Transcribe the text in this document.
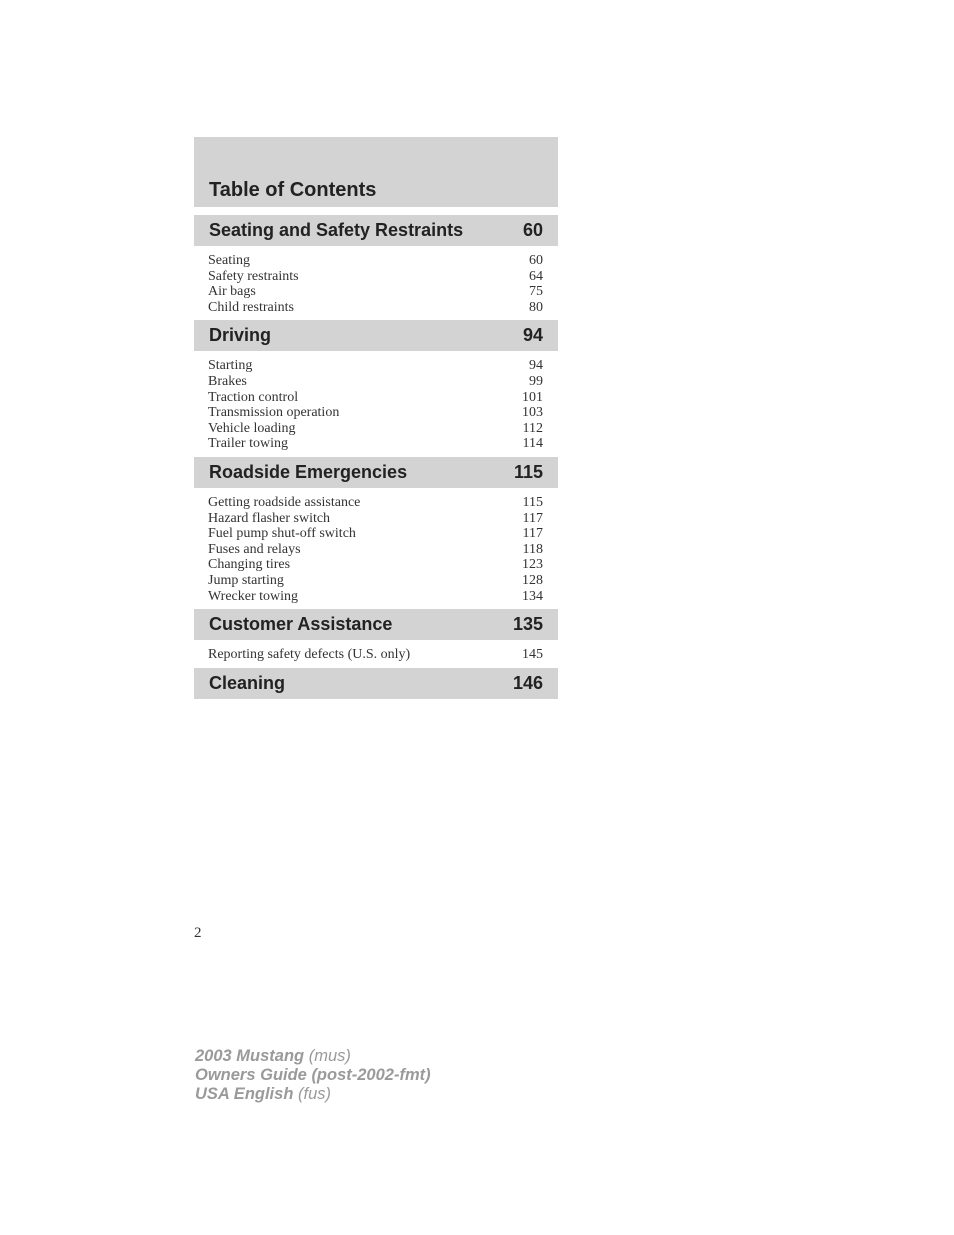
Table of Contents
Seating and Safety Restraints	60
Seating	60
Safety restraints	64
Air bags	75
Child restraints	80
Driving	94
Starting	94
Brakes	99
Traction control	101
Transmission operation	103
Vehicle loading	112
Trailer towing	114
Roadside Emergencies	115
Getting roadside assistance	115
Hazard flasher switch	117
Fuel pump shut-off switch	117
Fuses and relays	118
Changing tires	123
Jump starting	128
Wrecker towing	134
Customer Assistance	135
Reporting safety defects (U.S. only)	145
Cleaning	146
2
2003 Mustang (mus)
Owners Guide (post-2002-fmt)
USA English (fus)
